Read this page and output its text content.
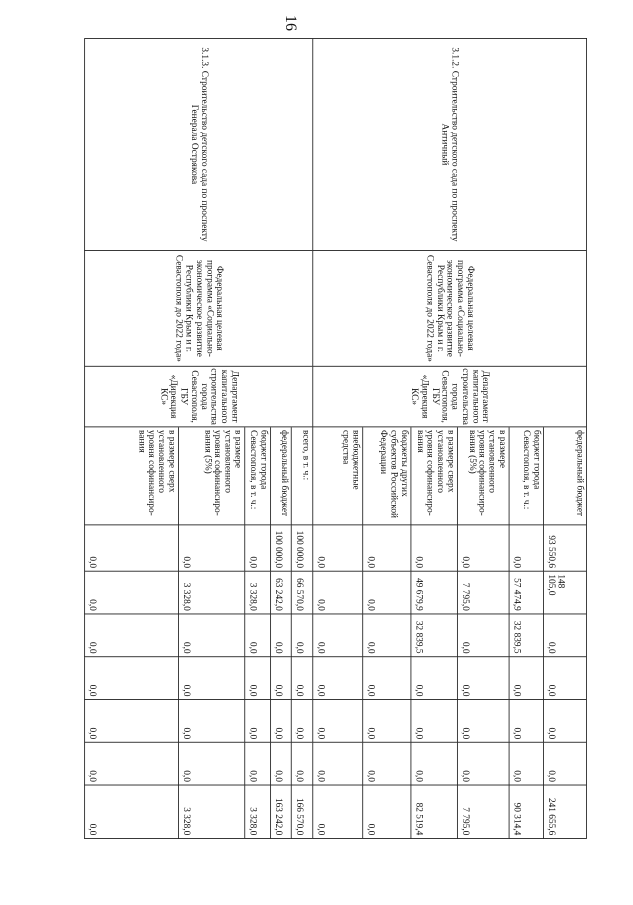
16
3.1.2. Строительство детского сада по проспекту Античный
Федеральная целевая программа «Социально-экономическое развитие Республики Крым и г. Севастополя до 2022 года»
Департамент капитального строительства города Севастополя, ГБУ «Дирекция КС»
федеральный бюджет
93 550,6
148 105,0
0,0
0,0
0,0
0,0
241 655,6
бюджет города Севастополя, в т. ч.:
0,0
57 474,9
32 839,5
0,0
0,0
0,0
90 314,4
в размере установленного уровня софинансиро-вания (5%)
0,0
7 795,0
0,0
0,0
0,0
0,0
7 795,0
в размере сверх установленного уровня софинансиро-вания
0,0
49 679,9
32 839,5
0,0
0,0
0,0
82 519,4
бюджеты других субъектов Российской Федерации
0,0
0,0
0,0
0,0
0,0
0,0
0,0
внебюджетные средства
0,0
0,0
0,0
0,0
0,0
0,0
0,0
3.1.3. Строительство детского сада по проспекту Генерала Острякова
Федеральная целевая программа «Социально-экономическое развитие Республики Крым и г. Севастополя до 2022 года»
Департамент капитального строительства города Севастополя, ГБУ «Дирекция КС»
всего, в т. ч.:
100 000,0
66 570,0
0,0
0,0
0,0
0,0
166 570,0
федеральный бюджет
100 000,0
63 242,0
0,0
0,0
0,0
0,0
163 242,0
бюджет города Севастополя, в т. ч.:
0,0
3 328,0
0,0
0,0
0,0
0,0
3 328,0
в размере установленного уровня софинансиро-вания (5%)
0,0
3 328,0
0,0
0,0
0,0
0,0
3 328,0
в размере сверх установленного уровня софинансиро-вания
0,0
0,0
0,0
0,0
0,0
0,0
0,0
